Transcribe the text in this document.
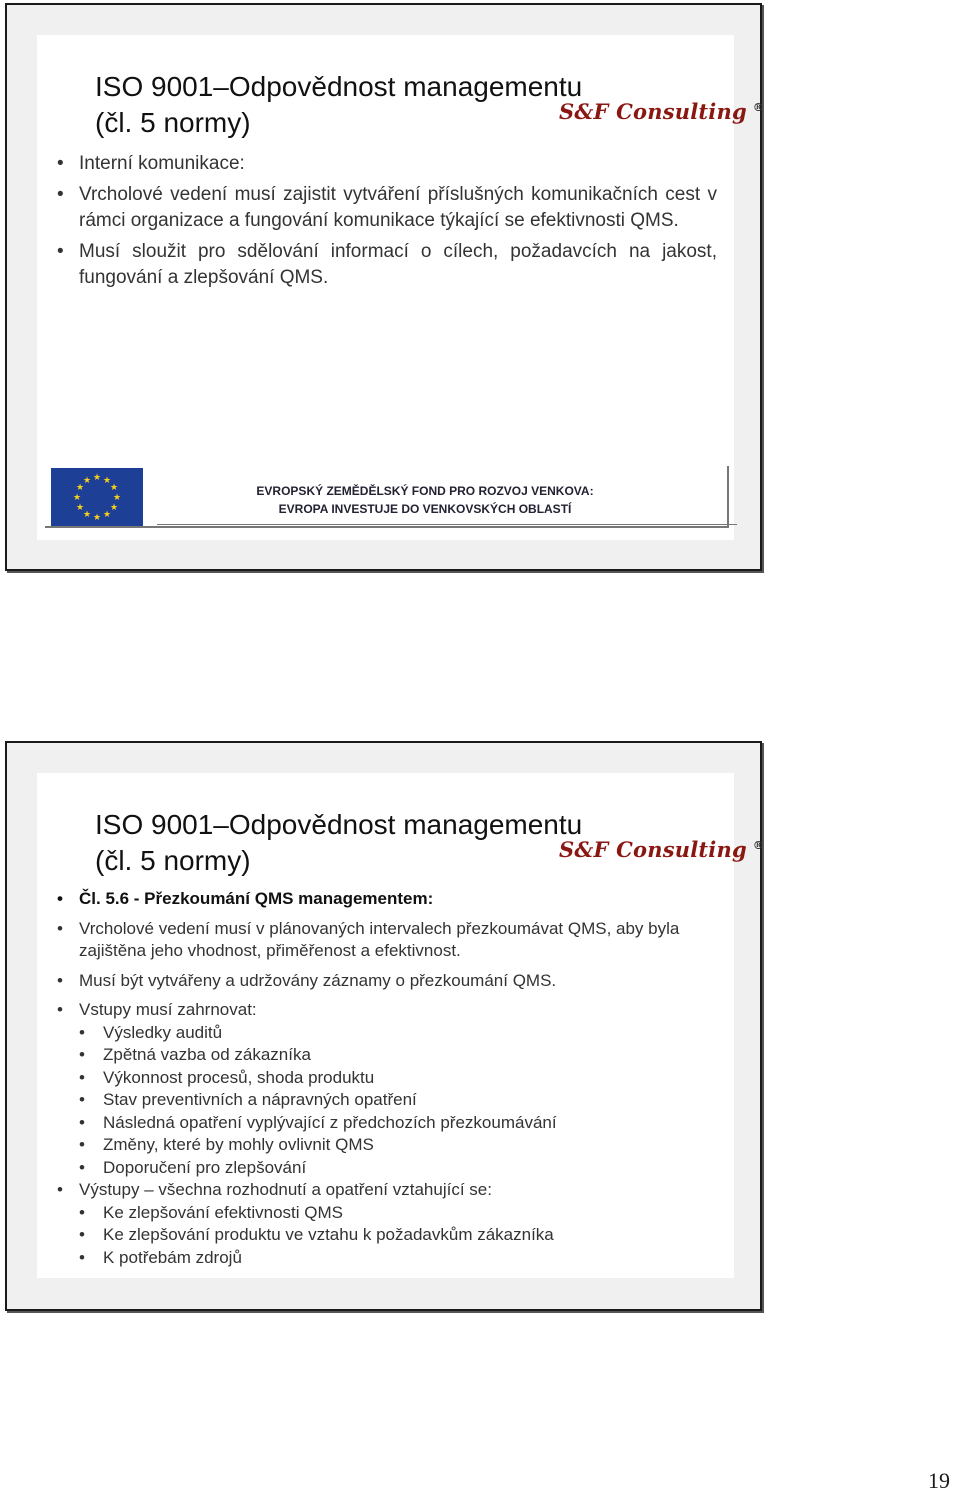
ISO 9001–Odpovědnost managementu
(čl. 5 normy)	S&F Consulting ®
• Interní komunikace:
• Vrcholové vedení musí zajistit vytváření příslušných komunikačních cest v rámci organizace a fungování komunikace týkající se efektivnosti QMS.
• Musí sloužit pro sdělování informací o cílech, požadavcích na jakost, fungování a zlepšování QMS.
★ ★
★
★
★
★
★
★
★
★
★
★
EVROPSKÝ ZEMĚDĚLSKÝ FOND PRO ROZVOJ VENKOVA:
EVROPA INVESTUJE DO VENKOVSKÝCH OBLASTÍ
ISO 9001–Odpovědnost managementu
(čl. 5 normy)	S&F Consulting ®
• Čl. 5.6 - Přezkoumání QMS managementem:
• Vrcholové vedení musí v plánovaných intervalech přezkoumávat QMS, aby byla zajištěna jeho vhodnost, přiměřenost a efektivnost.
• Musí být vytvářeny a udržovány záznamy o přezkoumání QMS.
• Vstupy musí zahrnovat:
• Výsledky auditů
• Zpětná vazba od zákazníka
• Výkonnost procesů, shoda produktu
• Stav preventivních a nápravných opatření
• Následná opatření vyplývající z předchozích přezkoumávání
• Změny, které by mohly ovlivnit QMS
• Doporučení pro zlepšování
• Výstupy – všechna rozhodnutí a opatření vztahující se:
• Ke zlepšování efektivnosti QMS
• Ke zlepšování produktu ve vztahu k požadavkům zákazníka
• K potřebám zdrojů
19
